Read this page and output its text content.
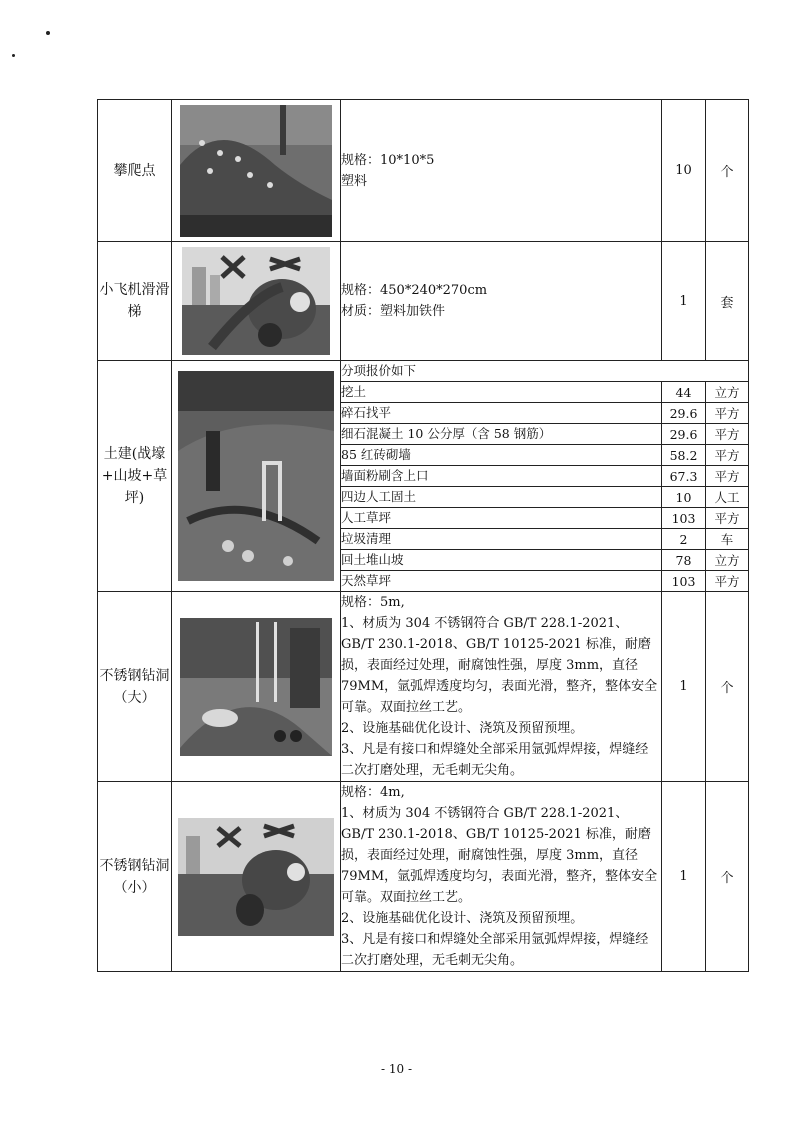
攀爬点		规格：10*10*5
塑料	10	个
小飞机滑滑梯		规格：450*240*270cm
材质：塑料加铁件	1	套
土建(战壕+山坡+草坪)		分项报价如下		
		挖土	44	立方
		碎石找平	29.6	平方
		细石混凝土 10 公分厚（含 58 钢筋）	29.6	平方
		85 红砖砌墙	58.2	平方
		墙面粉刷含上口	67.3	平方
		四边人工固土	10	人工
		人工草坪	103	平方
		垃圾清理	2	车
		回土堆山坡	78	立方
		天然草坪	103	平方
不锈钢钻洞（大）		规格：5m,
1、材质为 304 不锈钢符合 GB/T 228.1-2021、GB/T 230.1-2018、GB/T 10125-2021 标准，耐磨损，表面经过处理，耐腐蚀性强，厚度 3mm，直径 79MM，氩弧焊透度均匀，表面光滑，整齐，整体安全可靠。双面拉丝工艺。
2、设施基础优化设计、浇筑及预留预埋。
3、凡是有接口和焊缝处全部采用氩弧焊焊接，焊缝经二次打磨处理，无毛刺无尖角。	1	个
不锈钢钻洞（小）		规格：4m,
1、材质为 304 不锈钢符合 GB/T 228.1-2021、GB/T 230.1-2018、GB/T 10125-2021 标准，耐磨损，表面经过处理，耐腐蚀性强，厚度 3mm，直径 79MM，氩弧焊透度均匀，表面光滑，整齐，整体安全可靠。双面拉丝工艺。
2、设施基础优化设计、浇筑及预留预埋。
3、凡是有接口和焊缝处全部采用氩弧焊焊接，焊缝经二次打磨处理，无毛刺无尖角。	1	个
- 10 -
